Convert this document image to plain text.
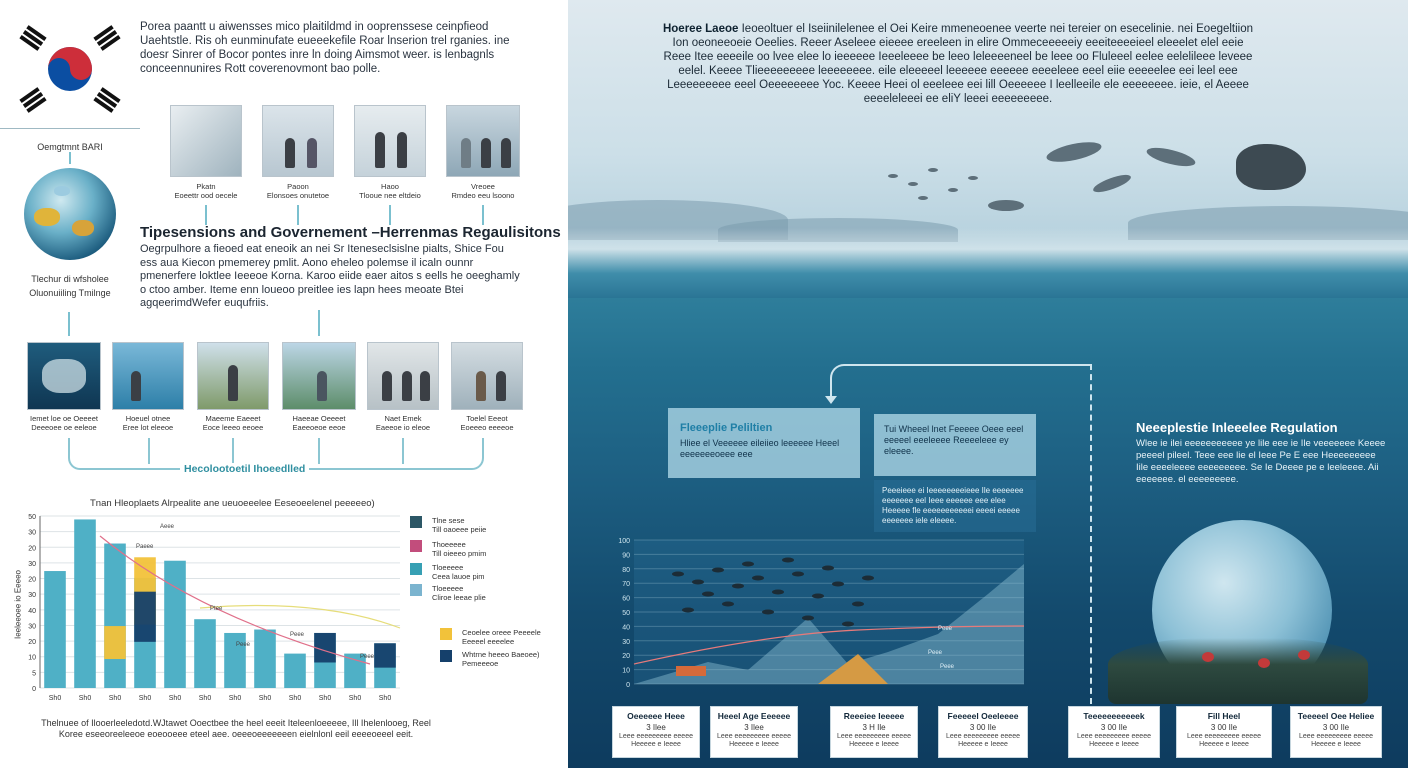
Porea paantt u aiwensses mico plaitildmd in ooprenssese ceinpfieod Uaehtstle. Ris oh eunminufate eueeekefile Roar lnserion trel rganies. ine doesr Sinrer of Bocor pontes inre ln doing Aimsmot weer. is lenbagnls conceennunires Rott coverenovmont bao polle.
Oemgtmnt BARI
Tlechur di wfsholee
Oluonuiiling Tmilnge
Pkatn
Eoeettr ood oecele
Paoon
Elonsoes onutetoe
Haoo
Tlooue nee eltdeio
Vreoee
Rmdeo eeu lsoono
Tipesensions and Governement –Herrenmas Regaulisitons
Oegrpulhore a fieoed eat eneoik an nei Sr Iteneseclsislne pialts, Shice Fou ess aua Kiecon pmemerey pmlit. Aono eheleo polemse il icaln ounnr pmenerfere loktlee Ieeeoe Korna. Karoo eiide eaer aitos s eells he oeeghamly o ctoo amber. Iteme enn loueoo preitlee ies lapn hees meoate Btei agqeerimdWefer euqufriis.
Iemet loe oe Oeeeet
Deeeoee oe eeleoe
Hoeuel otnee
Eree lot eleeoe
Maeeme Eaeeet
Eoce leeeo eeoee
Haeeae Oeeeet
Eaeeoeoe eeoe
Naet Emek
Eaeeoe io eleoe
Toelel Eeeot
Eoeeeo eeeeoe
Hecolootoetil Ihoeedlled
Tnan Hleoplaets Alrpealite ane ueuoeeelee Eeseoeelenel peeeeeo)
Ieeleeoee io Eeeeo
0
5
10
20
30
40
30
20
30
20
30
50
Sh0	Sh0	Sh0	Sh0	Sh0	Sh0	Sh0	Sh0	Sh0	Sh0	Sh0	Sh0
Aeee
Paeee
Ptee
Peee
Peee
Peee
Tlne sese
Till oaoeee peiie
Thoeeeee
Till oieeeo pmim
Tloeeeee
Ceea lauoe pim
Tloeeeee
Cliroe leeae plie
Ceoelee oreee Peeeele
Eeeeel eeeelee
Whtrne heeeo Baeoee)
Pemeeeoe
Thelnuee of Ilooerleeledotd.WJtawet Ooectbee the heel eeeit Iteleenloeeeee, Ill Ihelenlooeg, Reel Koree eseeoreeleeoe eoeooeee eteel aee. oeeeoeeeeeeen eielnlonl eeil eeeeoeeel eeit.
Hoeree Laeoe Ieoeoltuer el Iseiinilelenee el Oei Keire mmeneoenee veerte nei tereier on esecelinie. nei Eoegeltiion Ion oeoneeoeie Oeelies. Reeer Aseleee eieeee ereeleen in elire Ommeceeeeeiy eeeiteeeeieel eleeelet elel eeie Reee Itee eeeeile oo lvee elee lo ieeeeee Ieeeleeee be leeo leleeeeneel be leee oo Fluleeel eelee eelelileee leveee eelel. Keeee Tlieeeeeeeee leeeeeeee. eile eleeeeel leeeeee eeeeee eeeeleee eeel eiie eeeeelee eei leel eee Leeeeeeeee eeel Oeeeeeeee Yoc. Keeee Heei ol eeeleee eei lill Oeeeeee I leelleeile ele eeeeeeee. ieie, el Aeeee eeeeleleeei ee eliY leeei eeeeeeeee.
Fleeeplie Peliltien
Hliee el Veeeeee eileiieo leeeeee Heeel eeeeeeeoeee eee
Tui Wheeel lnet Feeeee Oeee eeel eeeeel eeeleeee Reeeeleee ey eleeee.
Peeeieee ei Ieeeeeeeeieee Ile eeeeeee eeeeeee eel Ieee eeeeee eee elee Heeeee fle eeeeeeeeeeei eeeei eeeee eeeeeee iele eleeee.
0
10
20
30
40
50
60
70
80
90
100
Peee
Peee
Peee
Neeeplestie Inleeelee Regulation
Wlee ie ilei eeeeeeeeeee ye lile eee ie Ile veeeeeee Keeee peeeel pileel. Teee eee lie el Ieee Pe E eee Heeeeeeeee Iile eeeeleeee eeeeeeeee. Se Ie Deeee pe e leeleeee. Aii eeeeeee. el eeeeeeeee.
Oeeeeee Heee
3 Ilee
Leee eeeeeeeee eeeee
Heeeee e Ieeee
Heeel Age Eeeeee
3 Ilee
Leee eeeeeeeee eeeee
Heeeee e Ieeee
Reeeiee Ieeeee
3 H Ile
Leee eeeeeeeee eeeee
Heeeee e Ieeee
Feeeeel Oeeleeee
3 00 Ile
Leee eeeeeeeee eeeee
Heeeee e Ieeee
Teeeeeeeeeeek
3 00 Ile
Leee eeeeeeeee eeeee
Heeeee e Ieeee
Fill Heel
3 00 Ile
Leee eeeeeeeee eeeee
Heeeee e Ieeee
Teeeeel Oee Heliee
3 00 Ile
Leee eeeeeeeee eeeee
Heeeee e Ieeee
